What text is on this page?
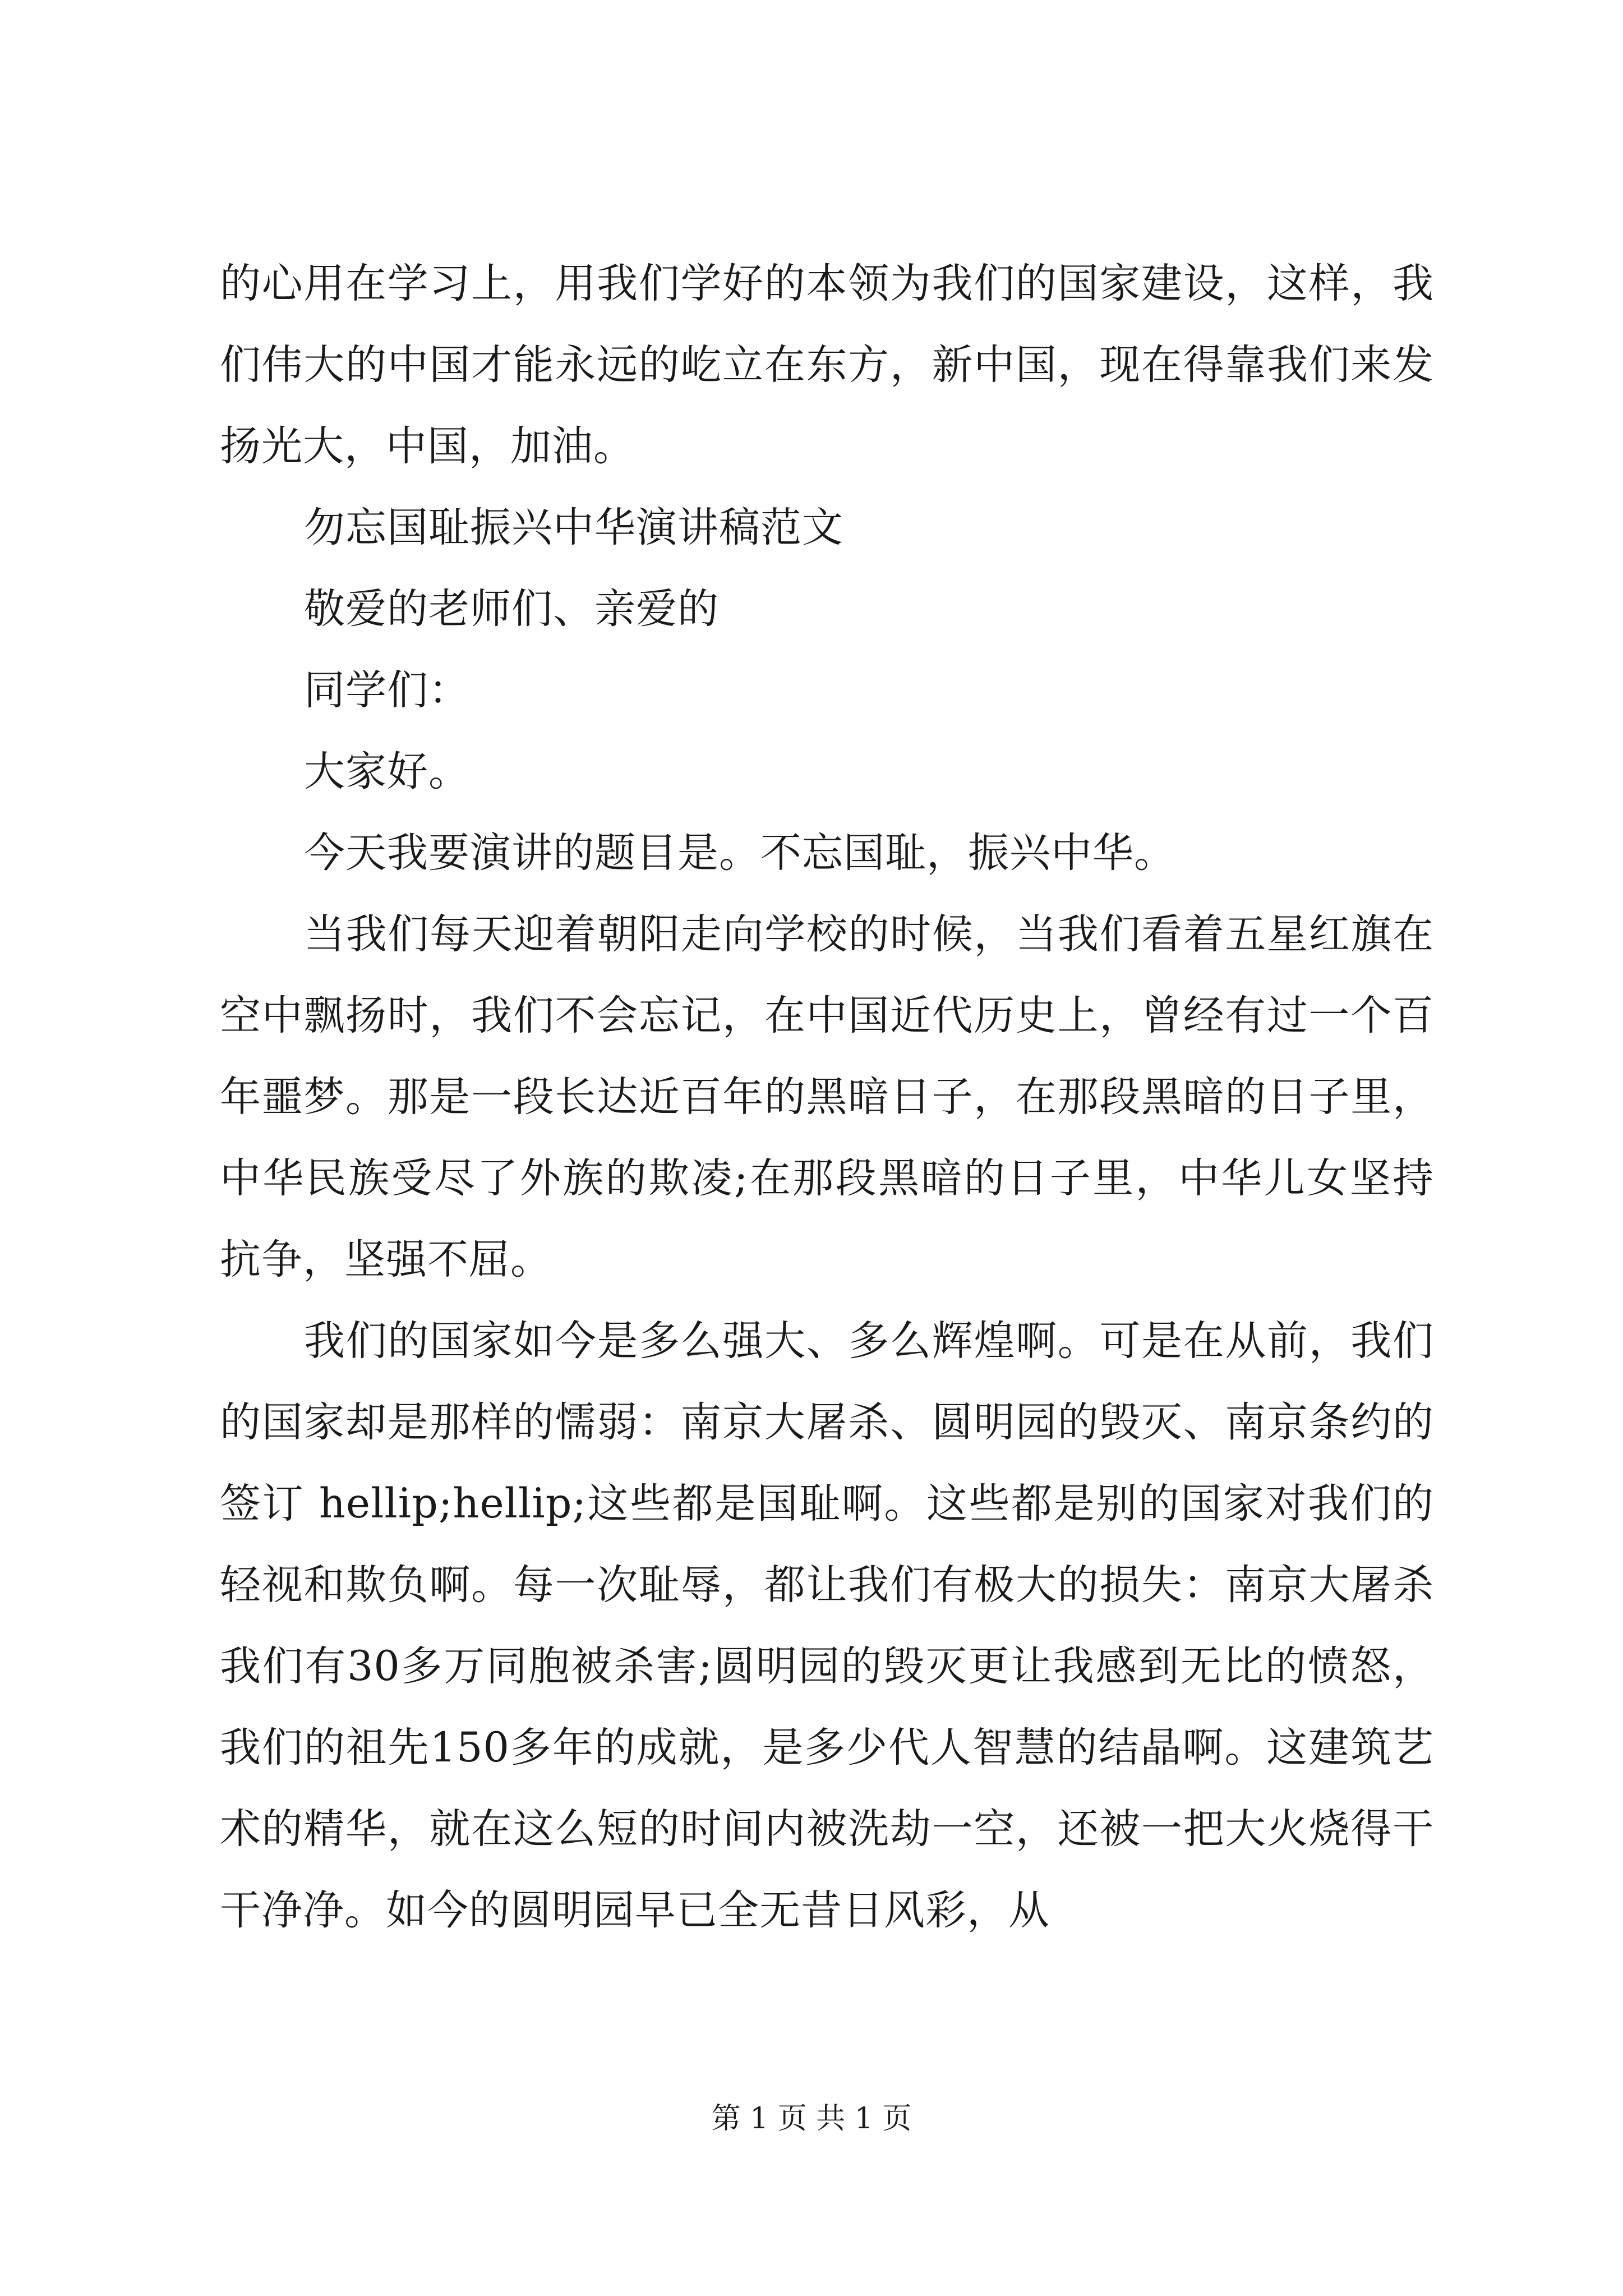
的心用在学习上，用我们学好的本领为我们的国家建设，这样，我们伟大的中国才能永远的屹立在东方，新中国，现在得靠我们来发扬光大，中国，加油。

勿忘国耻振兴中华演讲稿范文

敬爱的老师们、亲爱的

同学们：

大家好。

今天我要演讲的题目是。不忘国耻，振兴中华。

当我们每天迎着朝阳走向学校的时候，当我们看着五星红旗在空中飘扬时，我们不会忘记，在中国近代历史上，曾经有过一个百年噩梦。那是一段长达近百年的黑暗日子，在那段黑暗的日子里，中华民族受尽了外族的欺凌;在那段黑暗的日子里，中华儿女坚持抗争，坚强不屈。

我们的国家如今是多么强大、多么辉煌啊。可是在从前，我们的国家却是那样的懦弱：南京大屠杀、圆明园的毁灭、南京条约的签订 hellip;hellip;这些都是国耻啊。这些都是别的国家对我们的轻视和欺负啊。每一次耻辱，都让我们有极大的损失：南京大屠杀我们有30多万同胞被杀害;圆明园的毁灭更让我感到无比的愤怒，我们的祖先150多年的成就，是多少代人智慧的结晶啊。这建筑艺术的精华，就在这么短的时间内被洗劫一空，还被一把大火烧得干干净净。如今的圆明园早已全无昔日风彩，从

第 1 页 共 1 页
